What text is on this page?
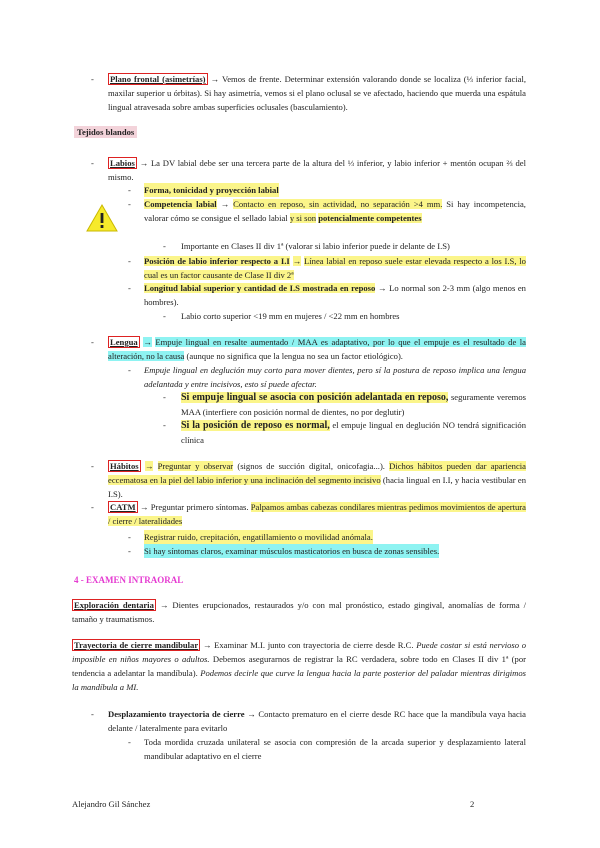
- Plano frontal (asimetrías) → Vemos de frente. Determinar extensión valorando donde se localiza (⅓ inferior facial, maxilar superior u órbitas). Si hay asimetría, vemos si el plano oclusal se ve afectado, haciendo que muerda una espátula lingual atravesada sobre ambas superficies oclusales (basculamiento).
Tejidos blandos
- Labios → La DV labial debe ser una tercera parte de la altura del ⅓ inferior, y labio inferior + mentón ocupan ⅔ del mismo.
- Forma, tonicidad y proyección labial
- Competencia labial → Contacto en reposo, sin actividad, no separación >4 mm. Si hay incompetencia, valorar cómo se consigue el sellado labial y si son potencialmente competentes
- Importante en Clases II div 1ª (valorar si labio inferior puede ir delante de I.S)
- Posición de labio inferior respecto a I.I → Línea labial en reposo suele estar elevada respecto a los I.S, lo cual es un factor causante de Clase II div 2ª
- Longitud labial superior y cantidad de I.S mostrada en reposo → Lo normal son 2-3 mm (algo menos en hombres).
- Labio corto superior <19 mm en mujeres / <22 mm en hombres
- Lengua → Empuje lingual en resalte aumentado / MAA es adaptativo, por lo que el empuje es el resultado de la alteración, no la causa (aunque no significa que la lengua no sea un factor etiológico).
- Empuje lingual en deglución muy corto para mover dientes, pero sí la postura de reposo implica una lengua adelantada y entre incisivos, esto sí puede afectar.
- Si empuje lingual se asocia con posición adelantada en reposo, seguramente veremos MAA (interfiere con posición normal de dientes, no por deglutir)
- Si la posición de reposo es normal, el empuje lingual en deglución NO tendrá significación clínica
- Hábitos → Preguntar y observar (signos de succión digital, onicofagia...). Dichos hábitos pueden dar apariencia eccematosa en la piel del labio inferior y una inclinación del segmento incisivo (hacia lingual en I.I, y hacia vestibular en I.S).
- CATM → Preguntar primero síntomas. Palpamos ambas cabezas condilares mientras pedimos movimientos de apertura / cierre / lateralidades
- Registrar ruido, crepitación, engatillamiento o movilidad anómala.
- Si hay síntomas claros, examinar músculos masticatorios en busca de zonas sensibles.
4 - EXAMEN INTRAORAL
Exploración dentaria → Dientes erupcionados, restaurados y/o con mal pronóstico, estado gingival, anomalías de forma / tamaño y traumatismos.
Trayectoria de cierre mandibular → Examinar M.I. junto con trayectoria de cierre desde R.C. Puede costar si está nervioso o imposible en niños mayores o adultos. Debemos asegurarnos de registrar la RC verdadera, sobre todo en Clases II div 1ª (por tendencia a adelantar la mandíbula). Podemos decirle que curve la lengua hacia la parte posterior del paladar mientras dirigimos la mandíbula a MI.
- Desplazamiento trayectoria de cierre → Contacto prematuro en el cierre desde RC hace que la mandíbula vaya hacia delante / lateralmente para evitarlo
- Toda mordida cruzada unilateral se asocia con compresión de la arcada superior y desplazamiento lateral mandibular adaptativo en el cierre
Alejandro Gil Sánchez	2
